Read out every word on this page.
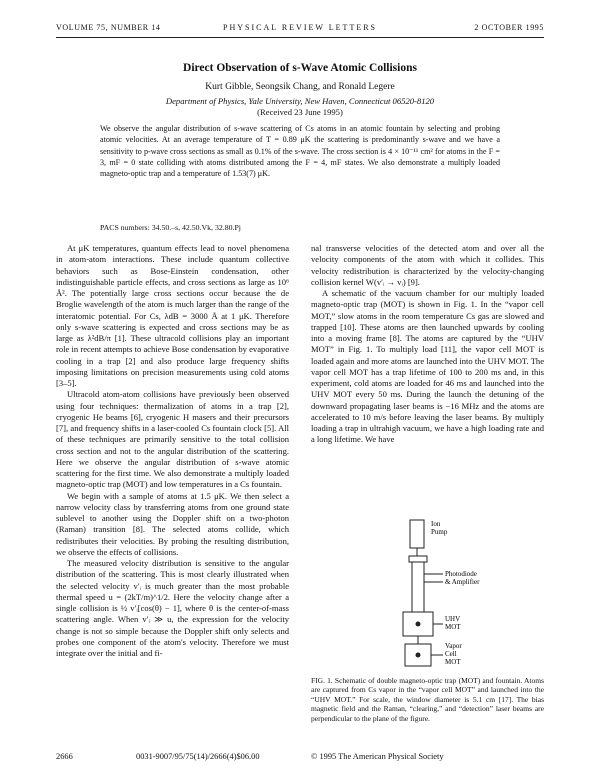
VOLUME 75, NUMBER 14	PHYSICAL REVIEW LETTERS	2 OCTOBER 1995
Direct Observation of s-Wave Atomic Collisions
Kurt Gibble, Seongsik Chang, and Ronald Legere
Department of Physics, Yale University, New Haven, Connecticut 06520-8120
(Received 23 June 1995)
We observe the angular distribution of s-wave scattering of Cs atoms in an atomic fountain by selecting and probing atomic velocities. At an average temperature of T = 0.89 μK the scattering is predominantly s-wave and we have a sensitivity to p-wave cross sections as small as 0.1% of the s-wave. The cross section is 4 × 10⁻¹¹ cm² for atoms in the F = 3, mF = 0 state colliding with atoms distributed among the F = 4, mF states. We also demonstrate a multiply loaded magneto-optic trap and a temperature of 1.53(7) μK.
PACS numbers: 34.50.–s, 42.50.Vk, 32.80.Pj

At μK temperatures, quantum effects lead to novel phenomena in atom-atom interactions. These include quantum collective behaviors such as Bose-Einstein condensation, other indistinguishable particle effects, and cross sections as large as 10⁶ Å². The potentially large cross sections occur because the de Broglie wavelength of the atom is much larger than the range of the interatomic potential. For Cs, λdB = 3000 Å at 1 μK. Therefore only s-wave scattering is expected and cross sections may be as large as λ²dB/π [1]. These ultracold collisions play an important role in recent attempts to achieve Bose condensation by evaporative cooling in a trap [2] and also produce large frequency shifts imposing limitations on precision measurements using cold atoms [3–5].

Ultracold atom-atom collisions have previously been observed using four techniques: thermalization of atoms in a trap [2], cryogenic He beams [6], cryogenic H masers and their precursors [7], and frequency shifts in a laser-cooled Cs fountain clock [5]. All of these techniques are primarily sensitive to the total collision cross section and not to the angular distribution of the scattering. Here we observe the angular distribution of s-wave atomic scattering for the first time. We also demonstrate a multiply loaded magneto-optic trap (MOT) and low temperatures in a Cs fountain.

We begin with a sample of atoms at 1.5 μK. We then select a narrow velocity class by transferring atoms from one ground state sublevel to another using the Doppler shift on a two-photon (Raman) transition [8]. The selected atoms collide, which redistributes their velocities. By probing the resulting distribution, we observe the effects of collisions.

The measured velocity distribution is sensitive to the angular distribution of the scattering. This is most clearly illustrated when the selected velocity v′ᵢ is much greater than the most probable thermal speed u = (2kT/m)^1/2. Here the velocity change after a single collision is ½ v′ᵢ[cos(θ) − 1], where θ is the center-of-mass scattering angle. When v′ᵢ ≫ u, the expression for the velocity change is not so simple because the Doppler shift only selects and probes one component of the atom's velocity. Therefore we must integrate over the initial and fi-

nal transverse velocities of the detected atom and over all the velocity components of the atom with which it collides. This velocity redistribution is characterized by the velocity-changing collision kernel W(v′ᵢ → vᵢ) [9].

A schematic of the vacuum chamber for our multiply loaded magneto-optic trap (MOT) is shown in Fig. 1. In the “vapor cell MOT,” slow atoms in the room temperature Cs gas are slowed and trapped [10]. These atoms are then launched upwards by cooling into a moving frame [8]. The atoms are captured by the “UHV MOT” in Fig. 1. To multiply load [11], the vapor cell MOT is loaded again and more atoms are launched into the UHV MOT. The vapor cell MOT has a trap lifetime of 100 to 200 ms and, in this experiment, cold atoms are loaded for 46 ms and launched into the UHV MOT every 50 ms. During the launch the detuning of the downward propagating laser beams is −16 MHz and the atoms are accelerated to 10 m/s before leaving the laser beams. By multiply loading a trap in ultrahigh vacuum, we have a high loading rate and a long lifetime. We have

Ion Pump
Photodiode & Amplifier
UHV MOT
Vapor Cell MOT
FIG. 1. Schematic of double magneto-optic trap (MOT) and fountain. Atoms are captured from Cs vapor in the “vapor cell MOT” and launched into the “UHV MOT.” For scale, the window diameter is 5.1 cm [17]. The bias magnetic field and the Raman, “clearing,” and “detection” laser beams are perpendicular to the plane of the figure.
2666	0031-9007/95/75(14)/2666(4)$06.00	© 1995 The American Physical Society
